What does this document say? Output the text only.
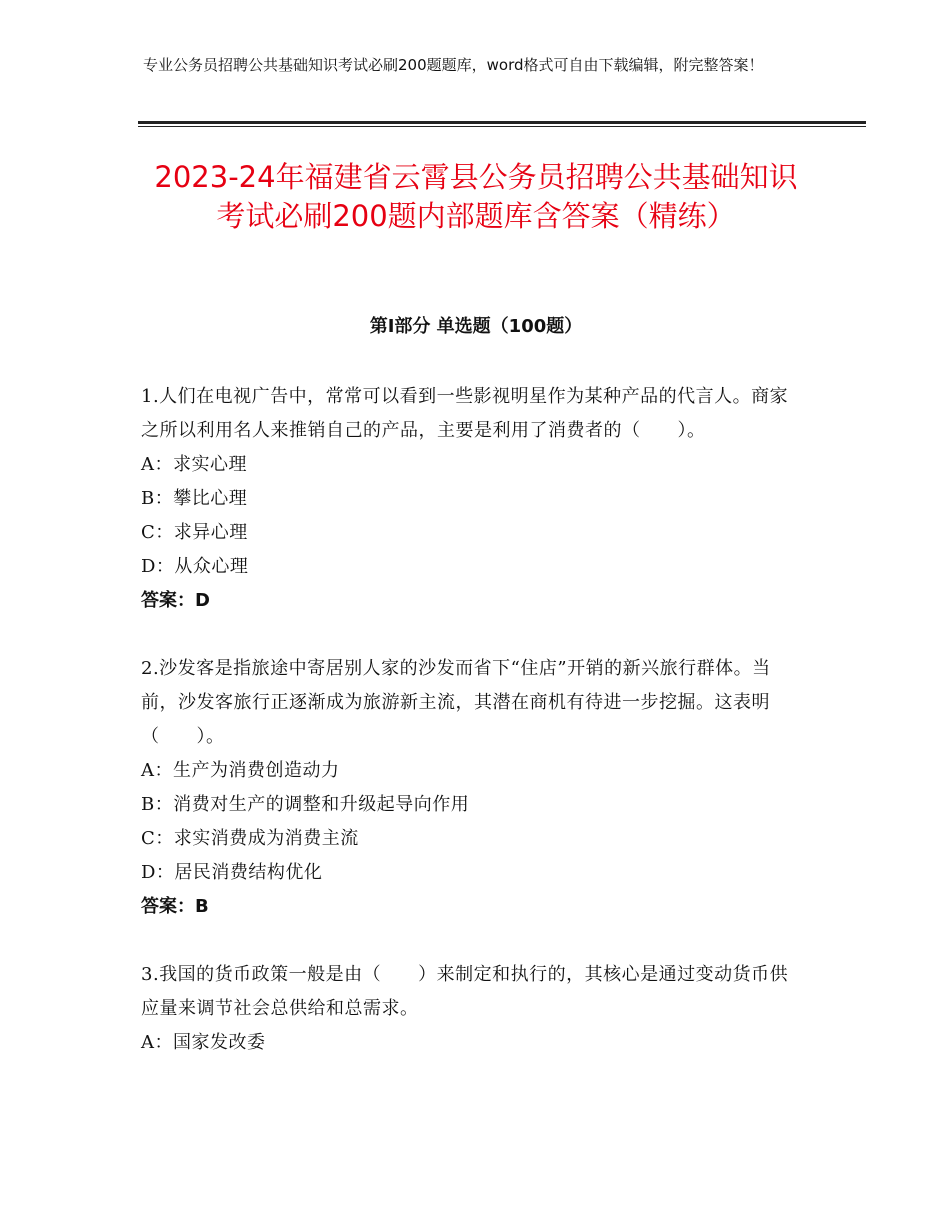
专业公务员招聘公共基础知识考试必刷200题题库，word格式可自由下载编辑，附完整答案！
2023-24年福建省云霄县公务员招聘公共基础知识考试必刷200题内部题库含答案（精练）
第Ⅰ部分 单选题（100题）
1.人们在电视广告中，常常可以看到一些影视明星作为某种产品的代言人。商家之所以利用名人来推销自己的产品，主要是利用了消费者的（　　）。
A：求实心理
B：攀比心理
C：求异心理
D：从众心理
答案：D
2.沙发客是指旅途中寄居别人家的沙发而省下“住店”开销的新兴旅行群体。当前，沙发客旅行正逐渐成为旅游新主流，其潜在商机有待进一步挖掘。这表明（　　）。
A：生产为消费创造动力
B：消费对生产的调整和升级起导向作用
C：求实消费成为消费主流
D：居民消费结构优化
答案：B
3.我国的货币政策一般是由（　　）来制定和执行的，其核心是通过变动货币供应量来调节社会总供给和总需求。
A：国家发改委
